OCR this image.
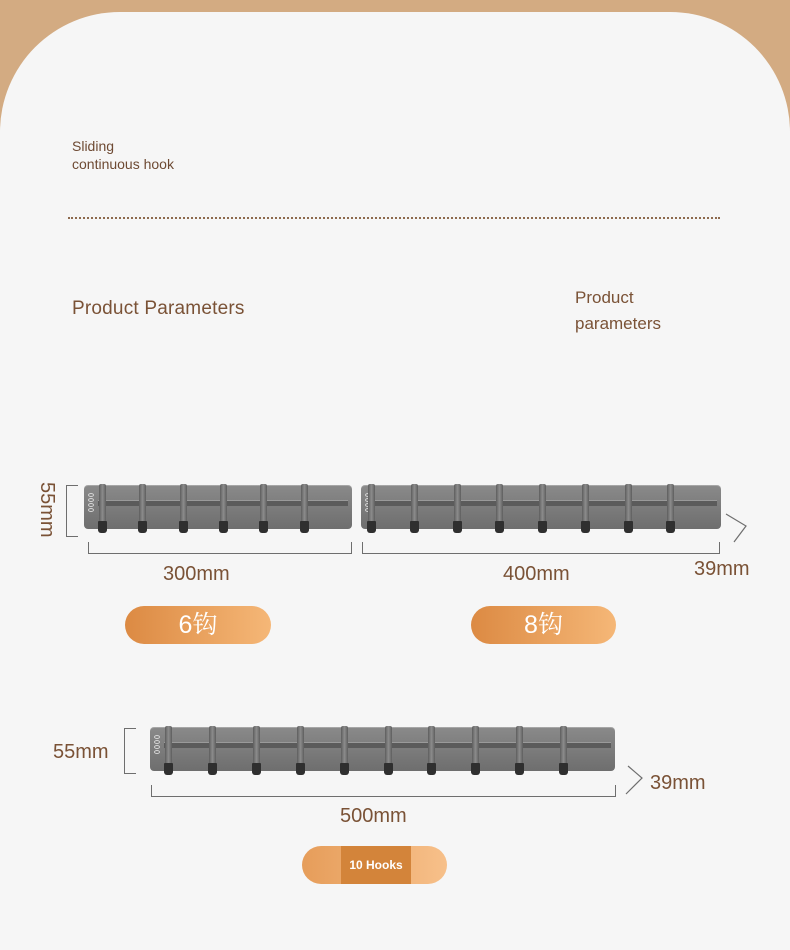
Sliding
continuous hook
Product Parameters
Product
parameters
55mm
300mm
6钩
400mm	39mm
8钩
55mm
500mm
39mm
10 Hooks
